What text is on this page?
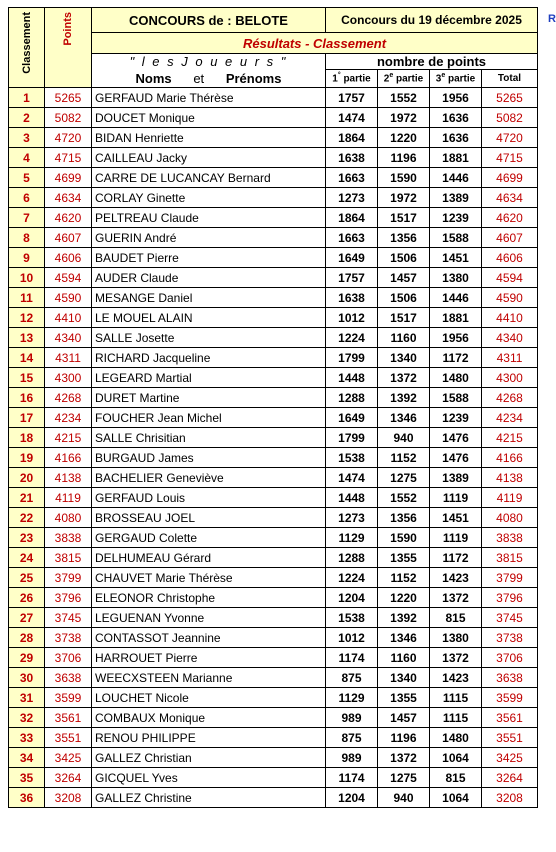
Classement	Points	CONCOURS de : BELOTE	Concours du 19 décembre 2025			
		Résultats - Classement				

		" l e s J o u e u r s "
Noms et Prénoms	nombre de points			
			1° partie	2e partie	3e partie	Total
1	5265	GERFAUD Marie Thérèse	1757	1552	1956	5265
2	5082	DOUCET Monique	1474	1972	1636	5082
3	4720	BIDAN Henriette	1864	1220	1636	4720
4	4715	CAILLEAU Jacky	1638	1196	1881	4715
5	4699	CARRE DE LUCANCAY Bernard	1663	1590	1446	4699
6	4634	CORLAY Ginette	1273	1972	1389	4634
7	4620	PELTREAU Claude	1864	1517	1239	4620
8	4607	GUERIN André	1663	1356	1588	4607
9	4606	BAUDET Pierre	1649	1506	1451	4606
10	4594	AUDER Claude	1757	1457	1380	4594
11	4590	MESANGE Daniel	1638	1506	1446	4590
12	4410	LE MOUEL ALAIN	1012	1517	1881	4410
13	4340	SALLE Josette	1224	1160	1956	4340
14	4311	RICHARD Jacqueline	1799	1340	1172	4311
15	4300	LEGEARD Martial	1448	1372	1480	4300
16	4268	DURET Martine	1288	1392	1588	4268
17	4234	FOUCHER Jean Michel	1649	1346	1239	4234
18	4215	SALLE Chrisitian	1799	940	1476	4215
19	4166	BURGAUD James	1538	1152	1476	4166
20	4138	BACHELIER Geneviève	1474	1275	1389	4138
21	4119	GERFAUD Louis	1448	1552	1119	4119
22	4080	BROSSEAU JOEL	1273	1356	1451	4080
23	3838	GERGAUD Colette	1129	1590	1119	3838
24	3815	DELHUMEAU Gérard	1288	1355	1172	3815
25	3799	CHAUVET Marie Thérèse	1224	1152	1423	3799
26	3796	ELEONOR Christophe	1204	1220	1372	3796
27	3745	LEGUENAN Yvonne	1538	1392	815	3745
28	3738	CONTASSOT Jeannine	1012	1346	1380	3738
29	3706	HARROUET Pierre	1174	1160	1372	3706
30	3638	WEECXSTEEN Marianne	875	1340	1423	3638
31	3599	LOUCHET Nicole	1129	1355	1115	3599
32	3561	COMBAUX Monique	989	1457	1115	3561
33	3551	RENOU PHILIPPE	875	1196	1480	3551
34	3425	GALLEZ Christian	989	1372	1064	3425
35	3264	GICQUEL Yves	1174	1275	815	3264
36	3208	GALLEZ Christine	1204	940	1064	3208
R
